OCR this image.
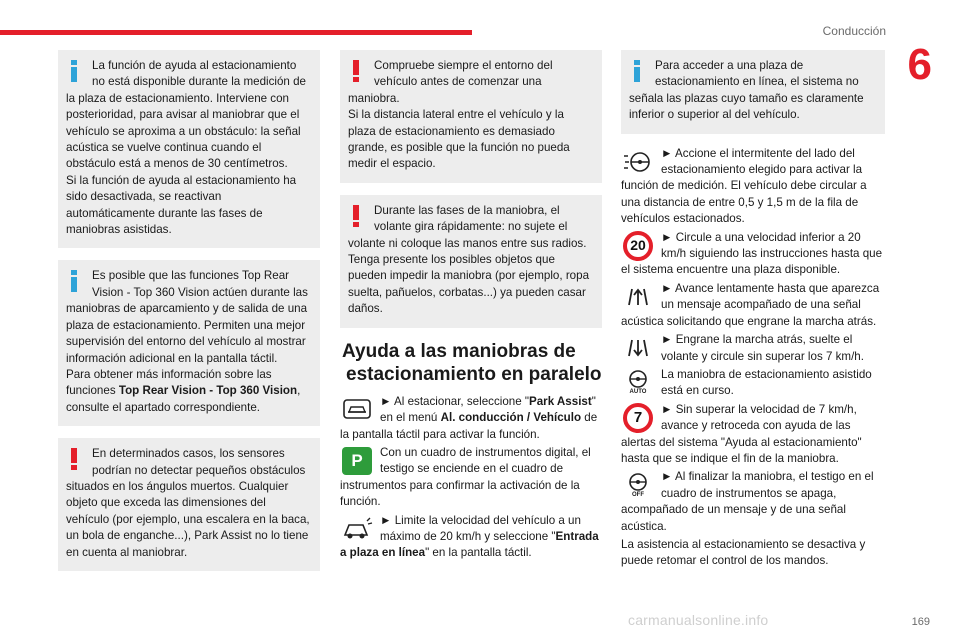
Conducción
6

La función de ayuda al estacionamiento no está disponible durante la medición de la plaza de estacionamiento. Interviene con posterioridad, para avisar al maniobrar que el vehículo se aproxima a un obstáculo: la señal acústica se vuelve continua cuando el obstáculo está a menos de 30 centímetros.

Si la función de ayuda al estacionamiento ha sido desactivada, se reactivan automáticamente durante las fases de maniobras asistidas.

Es posible que las funciones Top Rear Vision - Top 360 Vision actúen durante las maniobras de aparcamiento y de salida de una plaza de estacionamiento. Permiten una mejor supervisión del entorno del vehículo al mostrar información adicional en la pantalla táctil.

Para obtener más información sobre las funciones Top Rear Vision - Top 360 Vision, consulte el apartado correspondiente.

En determinados casos, los sensores podrían no detectar pequeños obstáculos situados en los ángulos muertos. Cualquier objeto que exceda las dimensiones del vehículo (por ejemplo, una escalera en la baca, un bola de enganche...), Park Assist no lo tiene en cuenta al maniobrar.

Compruebe siempre el entorno del vehículo antes de comenzar una maniobra.

Si la distancia lateral entre el vehículo y la plaza de estacionamiento es demasiado grande, es posible que la función no pueda medir el espacio.

Durante las fases de la maniobra, el volante gira rápidamente: no sujete el volante ni coloque las manos entre sus radios.

Tenga presente los posibles objetos que pueden impedir la maniobra (por ejemplo, ropa suelta, pañuelos, corbatas...) ya pueden casar daños.

Ayuda a las maniobras de
estacionamiento en paralelo

► Al estacionar, seleccione "Park Assist" en el menú Al. conducción / Vehículo de la pantalla táctil para activar la función.

P	Con un cuadro de instrumentos digital, el testigo se enciende en el cuadro de instrumentos para confirmar la activación de la función.

► Limite la velocidad del vehículo a un máximo de 20 km/h y seleccione "Entrada a plaza en línea" en la pantalla táctil.

Para acceder a una plaza de estacionamiento en línea, el sistema no señala las plazas cuyo tamaño es claramente inferior o superior al del vehículo.

► Accione el intermitente del lado del estacionamiento elegido para activar la función de medición. El vehículo debe circular a una distancia de entre 0,5 y 1,5 m de la fila de vehículos estacionados.

20

► Circule a una velocidad inferior a 20 km/h siguiendo las instrucciones hasta que el sistema encuentre una plaza disponible.

► Avance lentamente hasta que aparezca un mensaje acompañado de una señal acústica solicitando que engrane la marcha atrás.

► Engrane la marcha atrás, suelte el volante y circule sin superar los 7 km/h.

AUTO

La maniobra de estacionamiento asistido está en curso.

7	► Sin superar la velocidad de 7 km/h, avance y retroceda con ayuda de las alertas del sistema "Ayuda al estacionamiento" hasta que se indique el fin de la maniobra.

OFF

► Al finalizar la maniobra, el testigo en el cuadro de instrumentos se apaga, acompañado de un mensaje y de una señal acústica.

La asistencia al estacionamiento se desactiva y puede retomar el control de los mandos.

carmanualsonline.info	169
